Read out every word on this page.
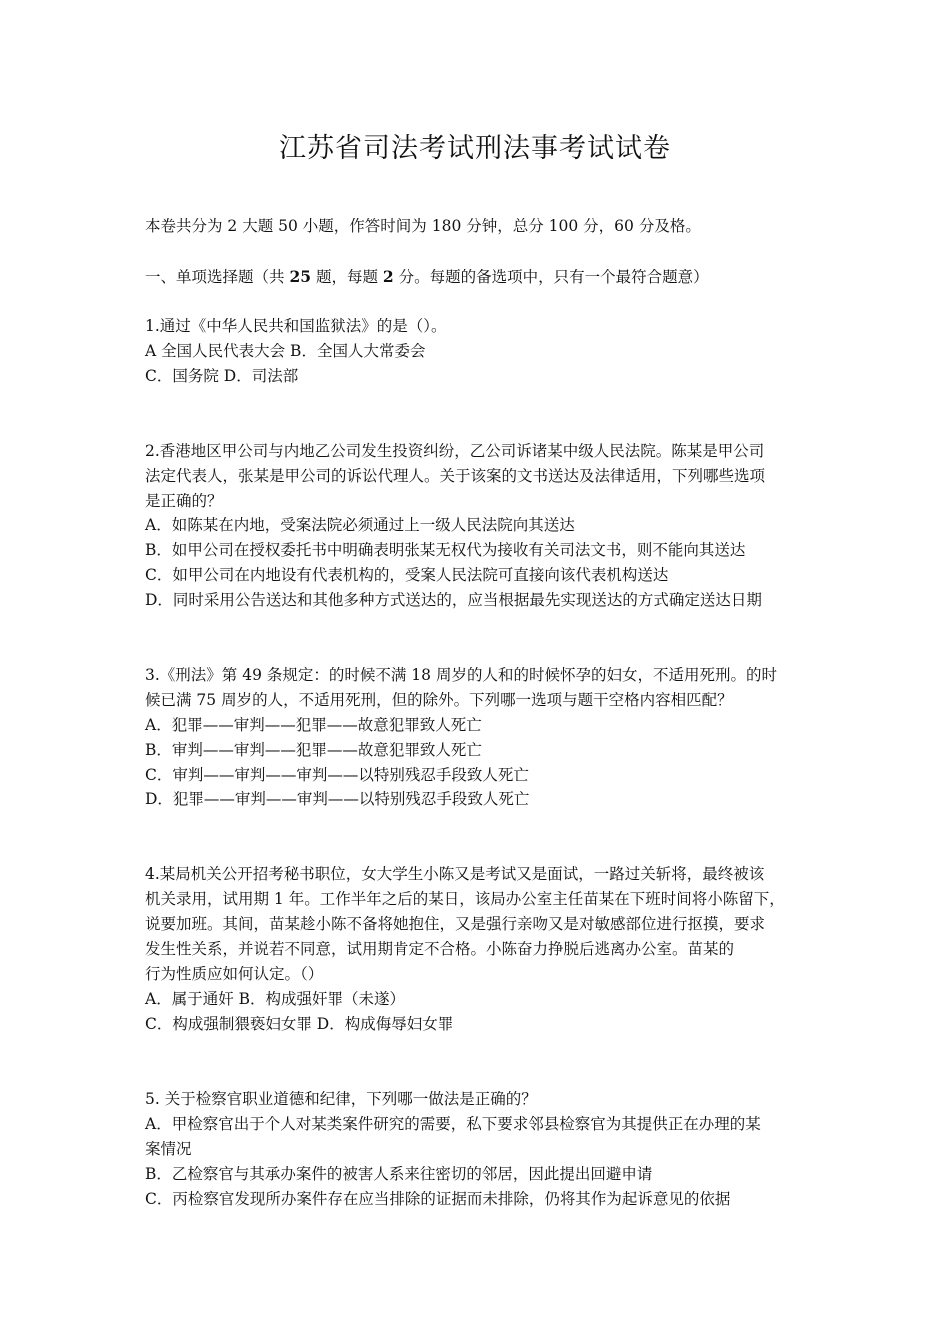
江苏省司法考试刑法事考试试卷
本卷共分为 2 大题 50 小题，作答时间为 180 分钟，总分 100 分，60 分及格。
一、单项选择题（共 25 题，每题 2 分。每题的备选项中，只有一个最符合题意）
1.通过《中华人民共和国监狱法》的是（）。
A 全国人民代表大会 B．全国人大常委会
C．国务院 D．司法部
2.香港地区甲公司与内地乙公司发生投资纠纷，乙公司诉诸某中级人民法院。陈某是甲公司
法定代表人，张某是甲公司的诉讼代理人。关于该案的文书送达及法律适用，下列哪些选项
是正确的？
A．如陈某在内地，受案法院必须通过上一级人民法院向其送达
B．如甲公司在授权委托书中明确表明张某无权代为接收有关司法文书，则不能向其送达
C．如甲公司在内地设有代表机构的，受案人民法院可直接向该代表机构送达
D．同时采用公告送达和其他多种方式送达的，应当根据最先实现送达的方式确定送达日期
3.《刑法》第 49 条规定：的时候不满 18 周岁的人和的时候怀孕的妇女，不适用死刑。的时
候已满 75 周岁的人，不适用死刑，但的除外。下列哪一选项与题干空格内容相匹配？
A．犯罪——审判——犯罪——故意犯罪致人死亡
B．审判——审判——犯罪——故意犯罪致人死亡
C．审判——审判——审判——以特别残忍手段致人死亡
D．犯罪——审判——审判——以特别残忍手段致人死亡
4.某局机关公开招考秘书职位，女大学生小陈又是考试又是面试，一路过关斩将，最终被该
机关录用，试用期 1 年。工作半年之后的某日，该局办公室主任苗某在下班时间将小陈留下，
说要加班。其间，苗某趁小陈不备将她抱住，又是强行亲吻又是对敏感部位进行抠摸，要求
发生性关系，并说若不同意，试用期肯定不合格。小陈奋力挣脱后逃离办公室。苗某的
行为性质应如何认定。（）
A．属于通奸 B．构成强奸罪（未遂）
C．构成强制猥亵妇女罪 D．构成侮辱妇女罪
5. 关于检察官职业道德和纪律，下列哪一做法是正确的？
A．甲检察官出于个人对某类案件研究的需要，私下要求邻县检察官为其提供正在办理的某
案情况
B．乙检察官与其承办案件的被害人系来往密切的邻居，因此提出回避申请
C．丙检察官发现所办案件存在应当排除的证据而未排除，仍将其作为起诉意见的依据
